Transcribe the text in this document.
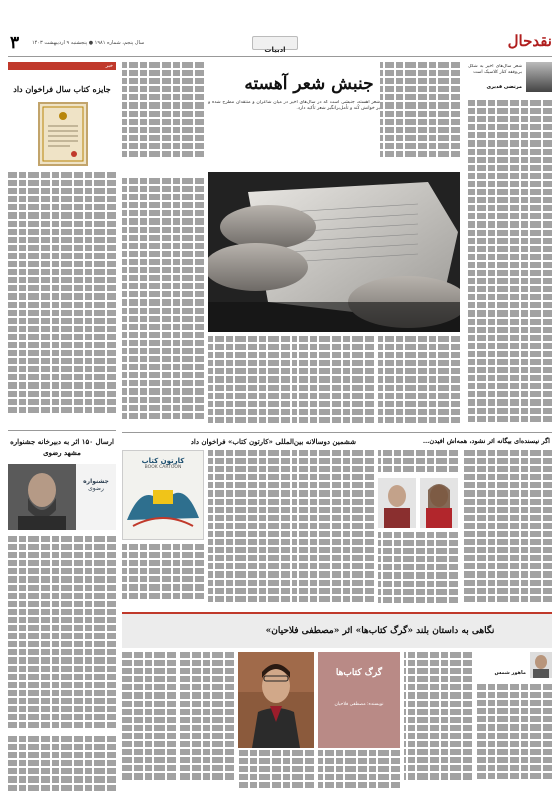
نقدحال
۳	سال پنجم، شماره ۱۹۸۱ ● پنجشنبه ۹ اردیبهشت ۱۴۰۳
ادبیات
مرتضی قدیری
شعر سال‌های اخیر به شکل بی‌وقفه کنار کلاسیک است
جنبش شعر آهسته
شعر آهسته، جنبشی است که در سال‌های اخیر در میان شاعران و منتقدان مطرح شده و بر خوانش کُند و تأمل‌برانگیز شعر تأکید دارد.
خبر
جایزه کتاب سال فراخوان داد
ارسال ۱۵۰ اثر به دبیرخانه جشنواره مشهد رضوی
جشنواره
رضوی
اگر نیسنده‌ای بیگانه اثر نشود، همه‌اش افیدن…
ششمین دوسالانه بین‌المللی «کارتون کتاب» فراخوان داد
کارتون کتاب
BOOK CARTOON
نگاهی به داستان بلند «گرگ کتاب‌ها» اثر «مصطفی فلاحیان»
ماهور شمس
گرگ کتاب‌ها
نویسنده: مصطفی فلاحیان
